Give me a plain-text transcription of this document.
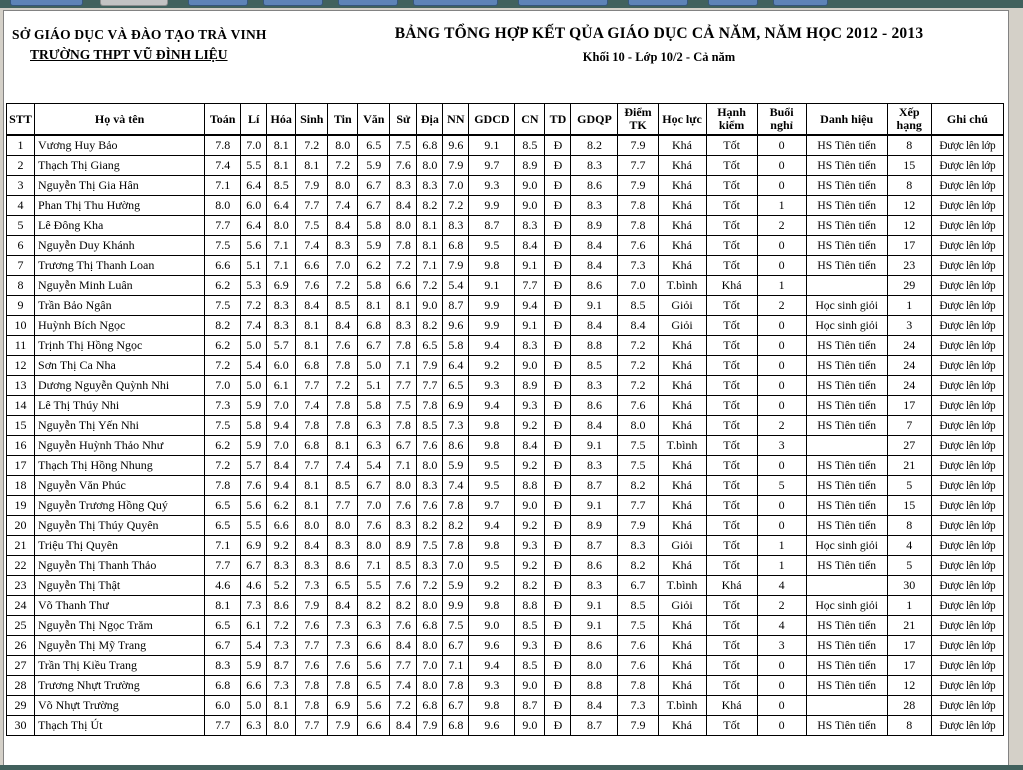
SỞ GIÁO DỤC VÀ ĐÀO TẠO TRÀ VINH
TRƯỜNG THPT VŨ ĐÌNH LIỆU
BẢNG TỔNG HỢP KẾT QỦA GIÁO DỤC CẢ NĂM, NĂM HỌC 2012 - 2013
Khối 10 - Lớp 10/2 - Cả năm
STT	Họ và tên	Toán	Lí	Hóa	Sinh	Tin	Văn	Sử	Địa	NN	GDCD	CN	TD	GDQP	Điểm TK	Học lực	Hạnh kiểm	Buổi nghỉ	Danh hiệu	Xếp hạng	Ghi chú
1	Vương Huy Bảo	7.8	7.0	8.1	7.2	8.0	6.5	7.5	6.8	9.6	9.1	8.5	Đ	8.2	7.9	Khá	Tốt	0	HS Tiên tiến	8	Được lên lớp
2	Thạch Thị Giang	7.4	5.5	8.1	8.1	7.2	5.9	7.6	8.0	7.9	9.7	8.9	Đ	8.3	7.7	Khá	Tốt	0	HS Tiên tiến	15	Được lên lớp
3	Nguyễn Thị Gia Hân	7.1	6.4	8.5	7.9	8.0	6.7	8.3	8.3	7.0	9.3	9.0	Đ	8.6	7.9	Khá	Tốt	0	HS Tiên tiến	8	Được lên lớp
4	Phan Thị Thu Hường	8.0	6.0	6.4	7.7	7.4	6.7	8.4	8.2	7.2	9.9	9.0	Đ	8.3	7.8	Khá	Tốt	1	HS Tiên tiến	12	Được lên lớp
5	Lê Đông Kha	7.7	6.4	8.0	7.5	8.4	5.8	8.0	8.1	8.3	8.7	8.3	Đ	8.9	7.8	Khá	Tốt	2	HS Tiên tiến	12	Được lên lớp
6	Nguyễn Duy Khánh	7.5	5.6	7.1	7.4	8.3	5.9	7.8	8.1	6.8	9.5	8.4	Đ	8.4	7.6	Khá	Tốt	0	HS Tiên tiến	17	Được lên lớp
7	Trương Thị Thanh Loan	6.6	5.1	7.1	6.6	7.0	6.2	7.2	7.1	7.9	9.8	9.1	Đ	8.4	7.3	Khá	Tốt	0	HS Tiên tiến	23	Được lên lớp
8	Nguyễn Minh Luân	6.2	5.3	6.9	7.6	7.2	5.8	6.6	7.2	5.4	9.1	7.7	Đ	8.6	7.0	T.bình	Khá	1		29	Được lên lớp
9	Trần Bảo Ngân	7.5	7.2	8.3	8.4	8.5	8.1	8.1	9.0	8.7	9.9	9.4	Đ	9.1	8.5	Giỏi	Tốt	2	Học sinh giỏi	1	Được lên lớp
10	Huỳnh Bích Ngọc	8.2	7.4	8.3	8.1	8.4	6.8	8.3	8.2	9.6	9.9	9.1	Đ	8.4	8.4	Giỏi	Tốt	0	Học sinh giỏi	3	Được lên lớp
11	Trịnh Thị Hồng Ngọc	6.2	5.0	5.7	8.1	7.6	6.7	7.8	6.5	5.8	9.4	8.3	Đ	8.8	7.2	Khá	Tốt	0	HS Tiên tiến	24	Được lên lớp
12	Sơn Thị Ca Nha	7.2	5.4	6.0	6.8	7.8	5.0	7.1	7.9	6.4	9.2	9.0	Đ	8.5	7.2	Khá	Tốt	0	HS Tiên tiến	24	Được lên lớp
13	Dương Nguyễn Quỳnh Nhi	7.0	5.0	6.1	7.7	7.2	5.1	7.7	7.7	6.5	9.3	8.9	Đ	8.3	7.2	Khá	Tốt	0	HS Tiên tiến	24	Được lên lớp
14	Lê Thị Thúy Nhi	7.3	5.9	7.0	7.4	7.8	5.8	7.5	7.8	6.9	9.4	9.3	Đ	8.6	7.6	Khá	Tốt	0	HS Tiên tiến	17	Được lên lớp
15	Nguyễn Thị Yến Nhi	7.5	5.8	9.4	7.8	7.8	6.3	7.8	8.5	7.3	9.8	9.2	Đ	8.4	8.0	Khá	Tốt	2	HS Tiên tiến	7	Được lên lớp
16	Nguyễn Huỳnh Thảo Như	6.2	5.9	7.0	6.8	8.1	6.3	6.7	7.6	8.6	9.8	8.4	Đ	9.1	7.5	T.bình	Tốt	3		27	Được lên lớp
17	Thạch Thị Hồng Nhung	7.2	5.7	8.4	7.7	7.4	5.4	7.1	8.0	5.9	9.5	9.2	Đ	8.3	7.5	Khá	Tốt	0	HS Tiên tiến	21	Được lên lớp
18	Nguyễn Văn Phúc	7.8	7.6	9.4	8.1	8.5	6.7	8.0	8.3	7.4	9.5	8.8	Đ	8.7	8.2	Khá	Tốt	5	HS Tiên tiến	5	Được lên lớp
19	Nguyễn Trương Hồng Quý	6.5	5.6	6.2	8.1	7.7	7.0	7.6	7.6	7.8	9.7	9.0	Đ	9.1	7.7	Khá	Tốt	0	HS Tiên tiến	15	Được lên lớp
20	Nguyễn Thị Thúy Quyên	6.5	5.5	6.6	8.0	8.0	7.6	8.3	8.2	8.2	9.4	9.2	Đ	8.9	7.9	Khá	Tốt	0	HS Tiên tiến	8	Được lên lớp
21	Triệu Thị Quyên	7.1	6.9	9.2	8.4	8.3	8.0	8.9	7.5	7.8	9.8	9.3	Đ	8.7	8.3	Giỏi	Tốt	1	Học sinh giỏi	4	Được lên lớp
22	Nguyễn Thị Thanh Thảo	7.7	6.7	8.3	8.3	8.6	7.1	8.5	8.3	7.0	9.5	9.2	Đ	8.6	8.2	Khá	Tốt	1	HS Tiên tiến	5	Được lên lớp
23	Nguyễn Thị Thật	4.6	4.6	5.2	7.3	6.5	5.5	7.6	7.2	5.9	9.2	8.2	Đ	8.3	6.7	T.bình	Khá	4		30	Được lên lớp
24	Võ Thanh Thư	8.1	7.3	8.6	7.9	8.4	8.2	8.2	8.0	9.9	9.8	8.8	Đ	9.1	8.5	Giỏi	Tốt	2	Học sinh giỏi	1	Được lên lớp
25	Nguyễn Thị Ngọc Trăm	6.5	6.1	7.2	7.6	7.3	6.3	7.6	6.8	7.5	9.0	8.5	Đ	9.1	7.5	Khá	Tốt	4	HS Tiên tiến	21	Được lên lớp
26	Nguyễn Thị Mỹ Trang	6.7	5.4	7.3	7.7	7.3	6.6	8.4	8.0	6.7	9.6	9.3	Đ	8.6	7.6	Khá	Tốt	3	HS Tiên tiến	17	Được lên lớp
27	Trần Thị Kiều Trang	8.3	5.9	8.7	7.6	7.6	5.6	7.7	7.0	7.1	9.4	8.5	Đ	8.0	7.6	Khá	Tốt	0	HS Tiên tiến	17	Được lên lớp
28	Trương Nhựt Trường	6.8	6.6	7.3	7.8	7.8	6.5	7.4	8.0	7.8	9.3	9.0	Đ	8.8	7.8	Khá	Tốt	0	HS Tiên tiến	12	Được lên lớp
29	Võ Nhựt Trường	6.0	5.0	8.1	7.8	6.9	5.6	7.2	6.8	6.7	9.8	8.7	Đ	8.4	7.3	T.bình	Khá	0		28	Được lên lớp
30	Thạch Thị Út	7.7	6.3	8.0	7.7	7.9	6.6	8.4	7.9	6.8	9.6	9.0	Đ	8.7	7.9	Khá	Tốt	0	HS Tiên tiến	8	Được lên lớp
